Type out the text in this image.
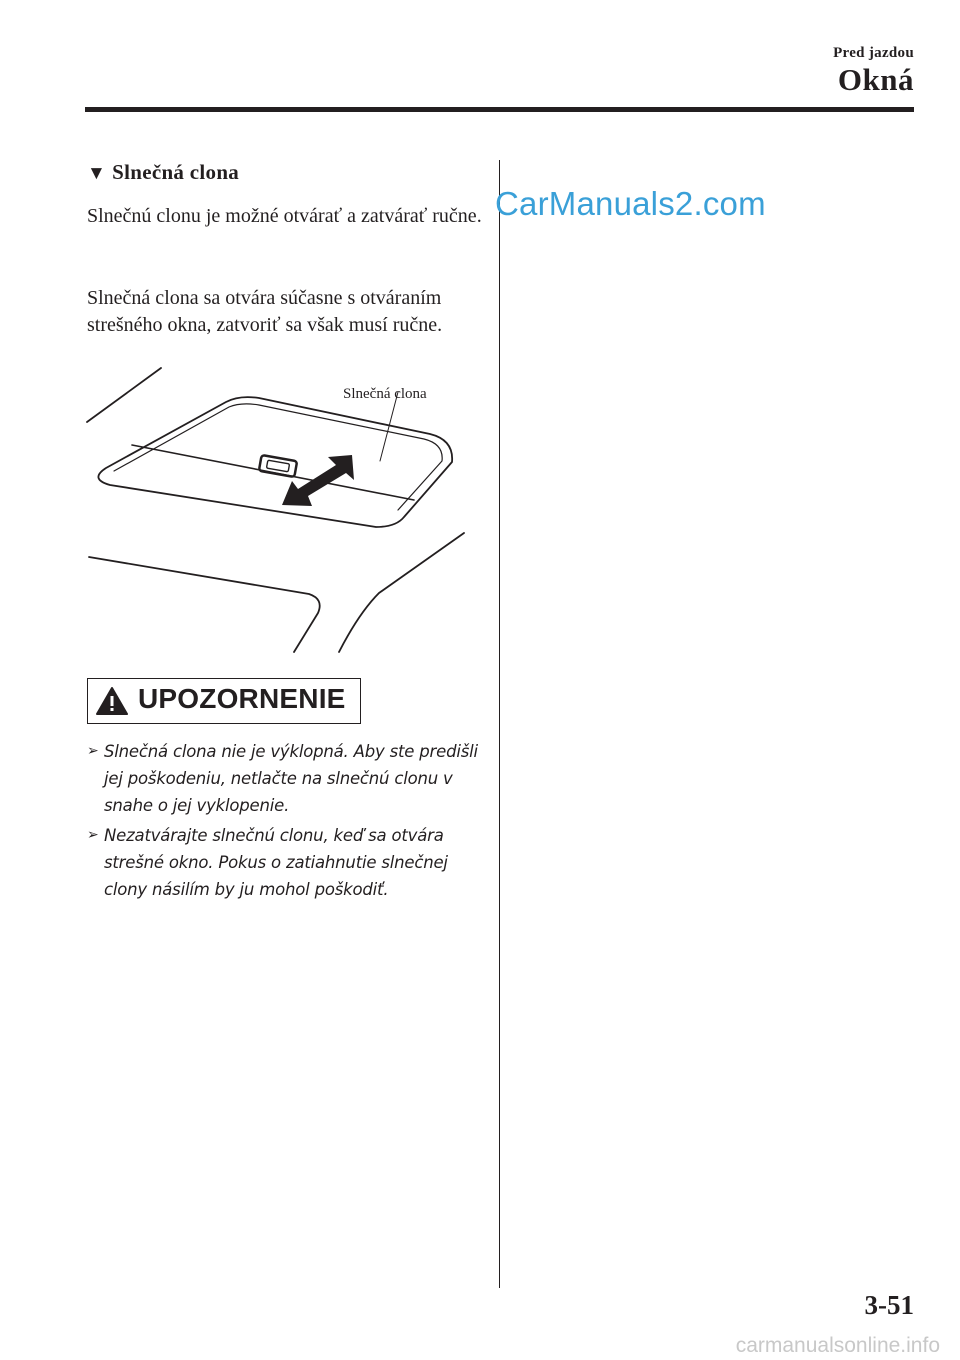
Pred jazdou
Okná
▼ Slnečná clona
Slnečnú clonu je možné otvárať a zatvárať ručne.
Slnečná clona sa otvára súčasne s otváraním strešného okna, zatvoriť sa však musí ručne.
Slnečná clona
UPOZORNENIE
➢ Slnečná clona nie je výklopná. Aby ste predišli jej poškodeniu, netlačte na slnečnú clonu v snahe o jej vyklopenie.
➢ Nezatvárajte slnečnú clonu, keď sa otvára strešné okno. Pokus o zatiahnutie slnečnej clony násilím by ju mohol poškodiť.
CarManuals2.com
3-51
carmanualsonline.info
